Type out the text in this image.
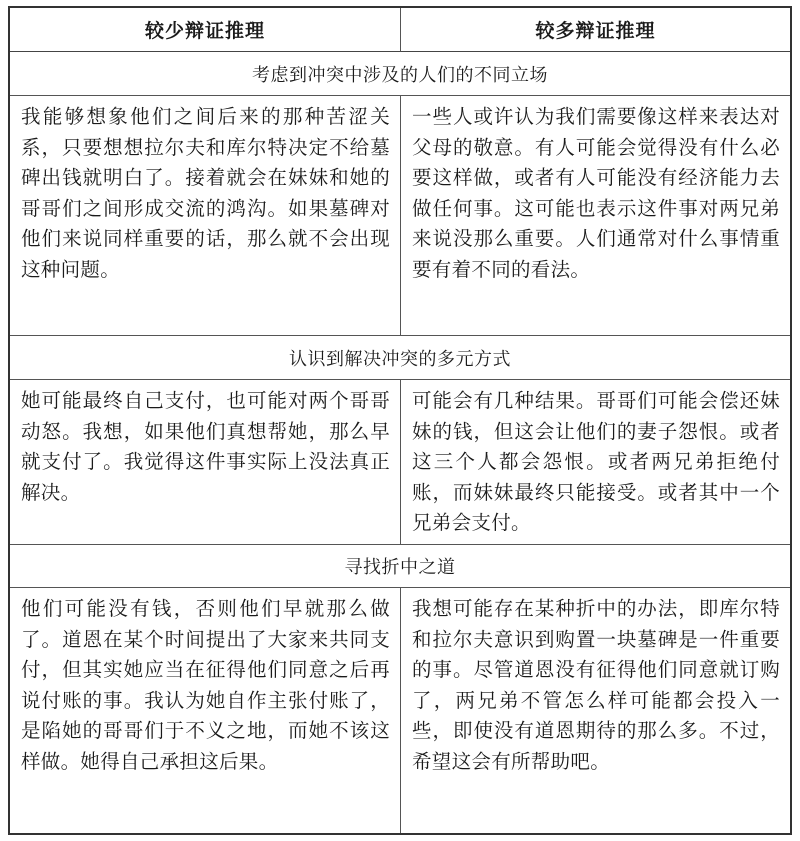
较少辩证推理	较多辩证推理
考虑到冲突中涉及的人们的不同立场
我能够想象他们之间后来的那种苦涩关系，只要想想拉尔夫和库尔特决定不给墓碑出钱就明白了。接着就会在妹妹和她的哥哥们之间形成交流的鸿沟。如果墓碑对他们来说同样重要的话，那么就不会出现这种问题。
一些人或许认为我们需要像这样来表达对父母的敬意。有人可能会觉得没有什么必要这样做，或者有人可能没有经济能力去做任何事。这可能也表示这件事对两兄弟来说没那么重要。人们通常对什么事情重要有着不同的看法。
认识到解决冲突的多元方式
她可能最终自己支付，也可能对两个哥哥动怒。我想，如果他们真想帮她，那么早就支付了。我觉得这件事实际上没法真正解决。
可能会有几种结果。哥哥们可能会偿还妹妹的钱，但这会让他们的妻子怨恨。或者这三个人都会怨恨。或者两兄弟拒绝付账，而妹妹最终只能接受。或者其中一个兄弟会支付。
寻找折中之道
他们可能没有钱，否则他们早就那么做了。道恩在某个时间提出了大家来共同支付，但其实她应当在征得他们同意之后再说付账的事。我认为她自作主张付账了，是陷她的哥哥们于不义之地，而她不该这样做。她得自己承担这后果。
我想可能存在某种折中的办法，即库尔特和拉尔夫意识到购置一块墓碑是一件重要的事。尽管道恩没有征得他们同意就订购了，两兄弟不管怎么样可能都会投入一些，即使没有道恩期待的那么多。不过，希望这会有所帮助吧。
